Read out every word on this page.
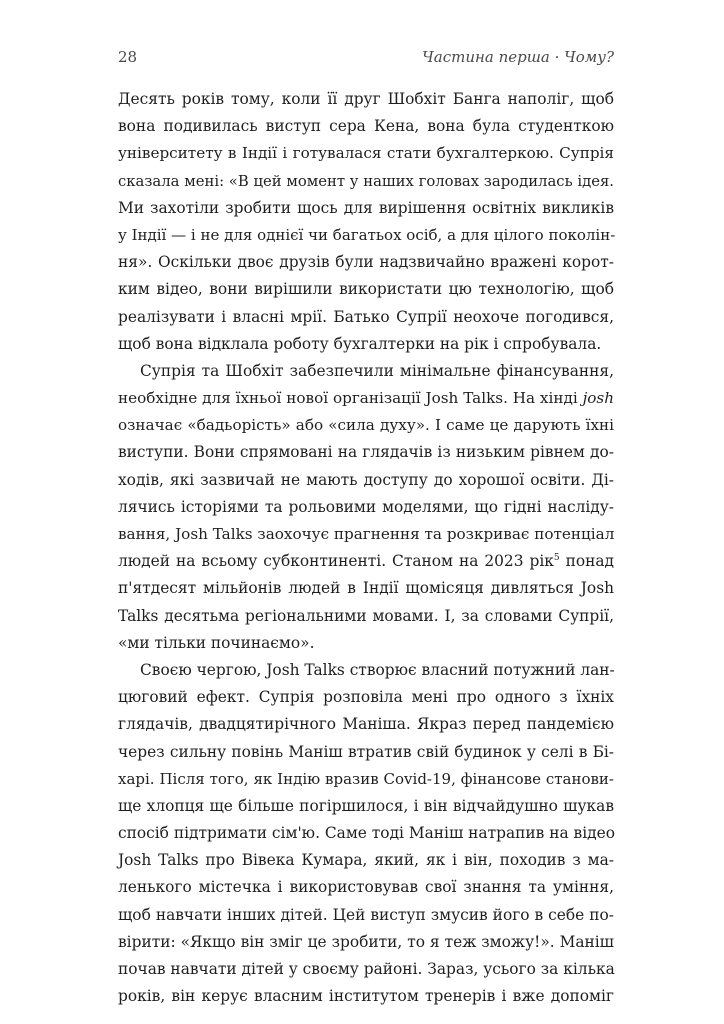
28	Частина перша · Чому?
Десять років тому, коли її друг Шобхіт Банга наполіг, щоб
вона подивилась виступ сера Кена, вона була студенткою
університету в Індії і готувалася стати бухгалтеркою. Супрія
сказала мені: «В цей момент у наших головах зародилась ідея.
Ми захотіли зробити щось для вирішення освітніх викликів
у Індії — і не для однієї чи багатьох осіб, а для цілого поколін-
ня». Оскільки двоє друзів були надзвичайно вражені корот-
ким відео, вони вирішили використати цю технологію, щоб
реалізувати і власні мрії. Батько Супрії неохоче погодився,
щоб вона відклала роботу бухгалтерки на рік і спробувала.
Супрія та Шобхіт забезпечили мінімальне фінансування,
необхідне для їхньої нової організації Josh Talks. На хінді josh
означає «бадьорість» або «сила духу». І саме це дарують їхні
виступи. Вони спрямовані на глядачів із низьким рівнем до-
ходів, які зазвичай не мають доступу до хорошої освіти. Ді-
лячись історіями та рольовими моделями, що гідні насліду-
вання, Josh Talks заохочує прагнення та розкриває потенціал
людей на всьому субконтиненті. Станом на 2023 рік$^5$ понад
п'ятдесят мільйонів людей в Індії щомісяця дивляться Josh
Talks десятьма регіональними мовами. І, за словами Супрії,
«ми тільки починаємо».
Своєю чергою, Josh Talks створює власний потужний лан-
цюговий ефект. Супрія розповіла мені про одного з їхніх
глядачів, двадцятирічного Маніша. Якраз перед пандемією
через сильну повінь Маніш втратив свій будинок у селі в Бі-
харі. Після того, як Індію вразив Covid-19, фінансове станови-
ще хлопця ще більше погіршилося, і він відчайдушно шукав
спосіб підтримати сім'ю. Саме тоді Маніш натрапив на відео
Josh Talks про Вівека Кумара, який, як і він, походив з ма-
ленького містечка і використовував свої знання та уміння,
щоб навчати інших дітей. Цей виступ змусив його в себе по-
вірити: «Якщо він зміг це зробити, то я теж зможу!». Маніш
почав навчати дітей у своєму районі. Зараз, усього за кілька
років, він керує власним інститутом тренерів і вже допоміг
